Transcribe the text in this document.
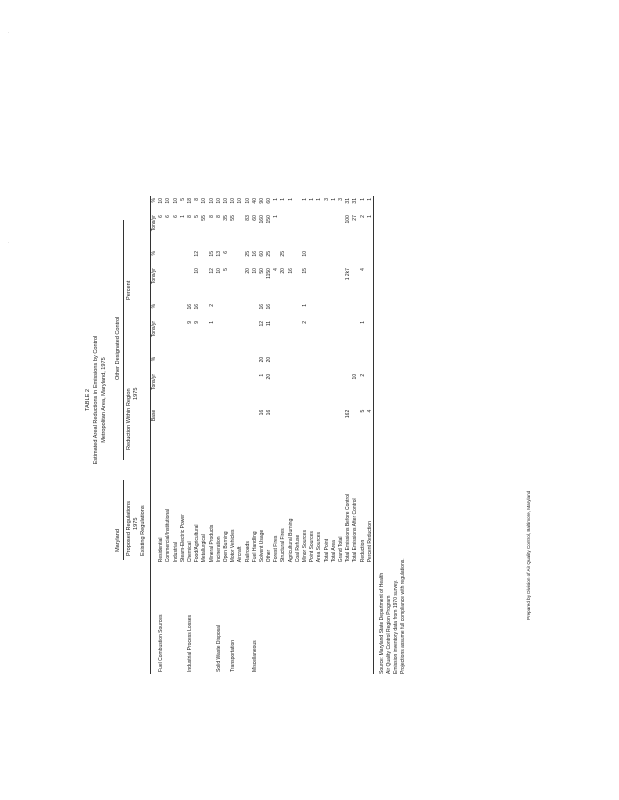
TABLE 2 Estimated Areal Reductions in Emissions by Control Metropolitan Area, Maryland, 1975
Maryland
Other Designated Control
Proposed Regulations
Reduction Within Region
Percent
1975
1975
Existing Regulations
		Base	Tons/yr	%	Tons/yr	%	Tons/yr	%	Tons/yr	%
Fuel Combustion Sources	Residential								6	10
	Commercial/Institutional								6	10
	Industrial								6	10
	Steam-Electric Power								1	5
Industrial Process Losses	Chemical				9	16			8	18
	Food/Agricultural				9	16	10	12	5	8
	Metallurgical								55	10
	Mineral Products				1	2	12	15	8	10
Solid Waste Disposal	Incineration						10	13	8	10
	Open Burning						5	6	35	10
Transportation	Motor Vehicles								55	10
	Aircraft									10
	Railroads						20	25	83	10
Miscellaneous	Fuel Handling						10	16	60	40
	Solvent Usage	16	1	20	12	16	50	60	160	90
	Other	16	20	20	11	16	1150	25	150	60
	Forest Fires						4		1	1
	Structural Fires						20	25		1
	Agricultural Burning						16			1
	Coal Refuse									
	Minor Sources				2	1	15	10		1
	Point Sources									1
	Area Sources									1
	Total Point									3
	Total Area									1
	Grand Total									3
	Total Emissions Before Control	162					1 2k7		100	31
	Total Emissions After Control		10						27	31
	Reduction	5	2		1		4		2	1
	Percent Reduction	4							1	1
Source: Maryland State Department of Health Air Quality Control Region Program Emission inventory data from 1970 survey. Projections assume full compliance with regulations.	Prepared by Division of Air Quality Control, Baltimore, Maryland
·
·
